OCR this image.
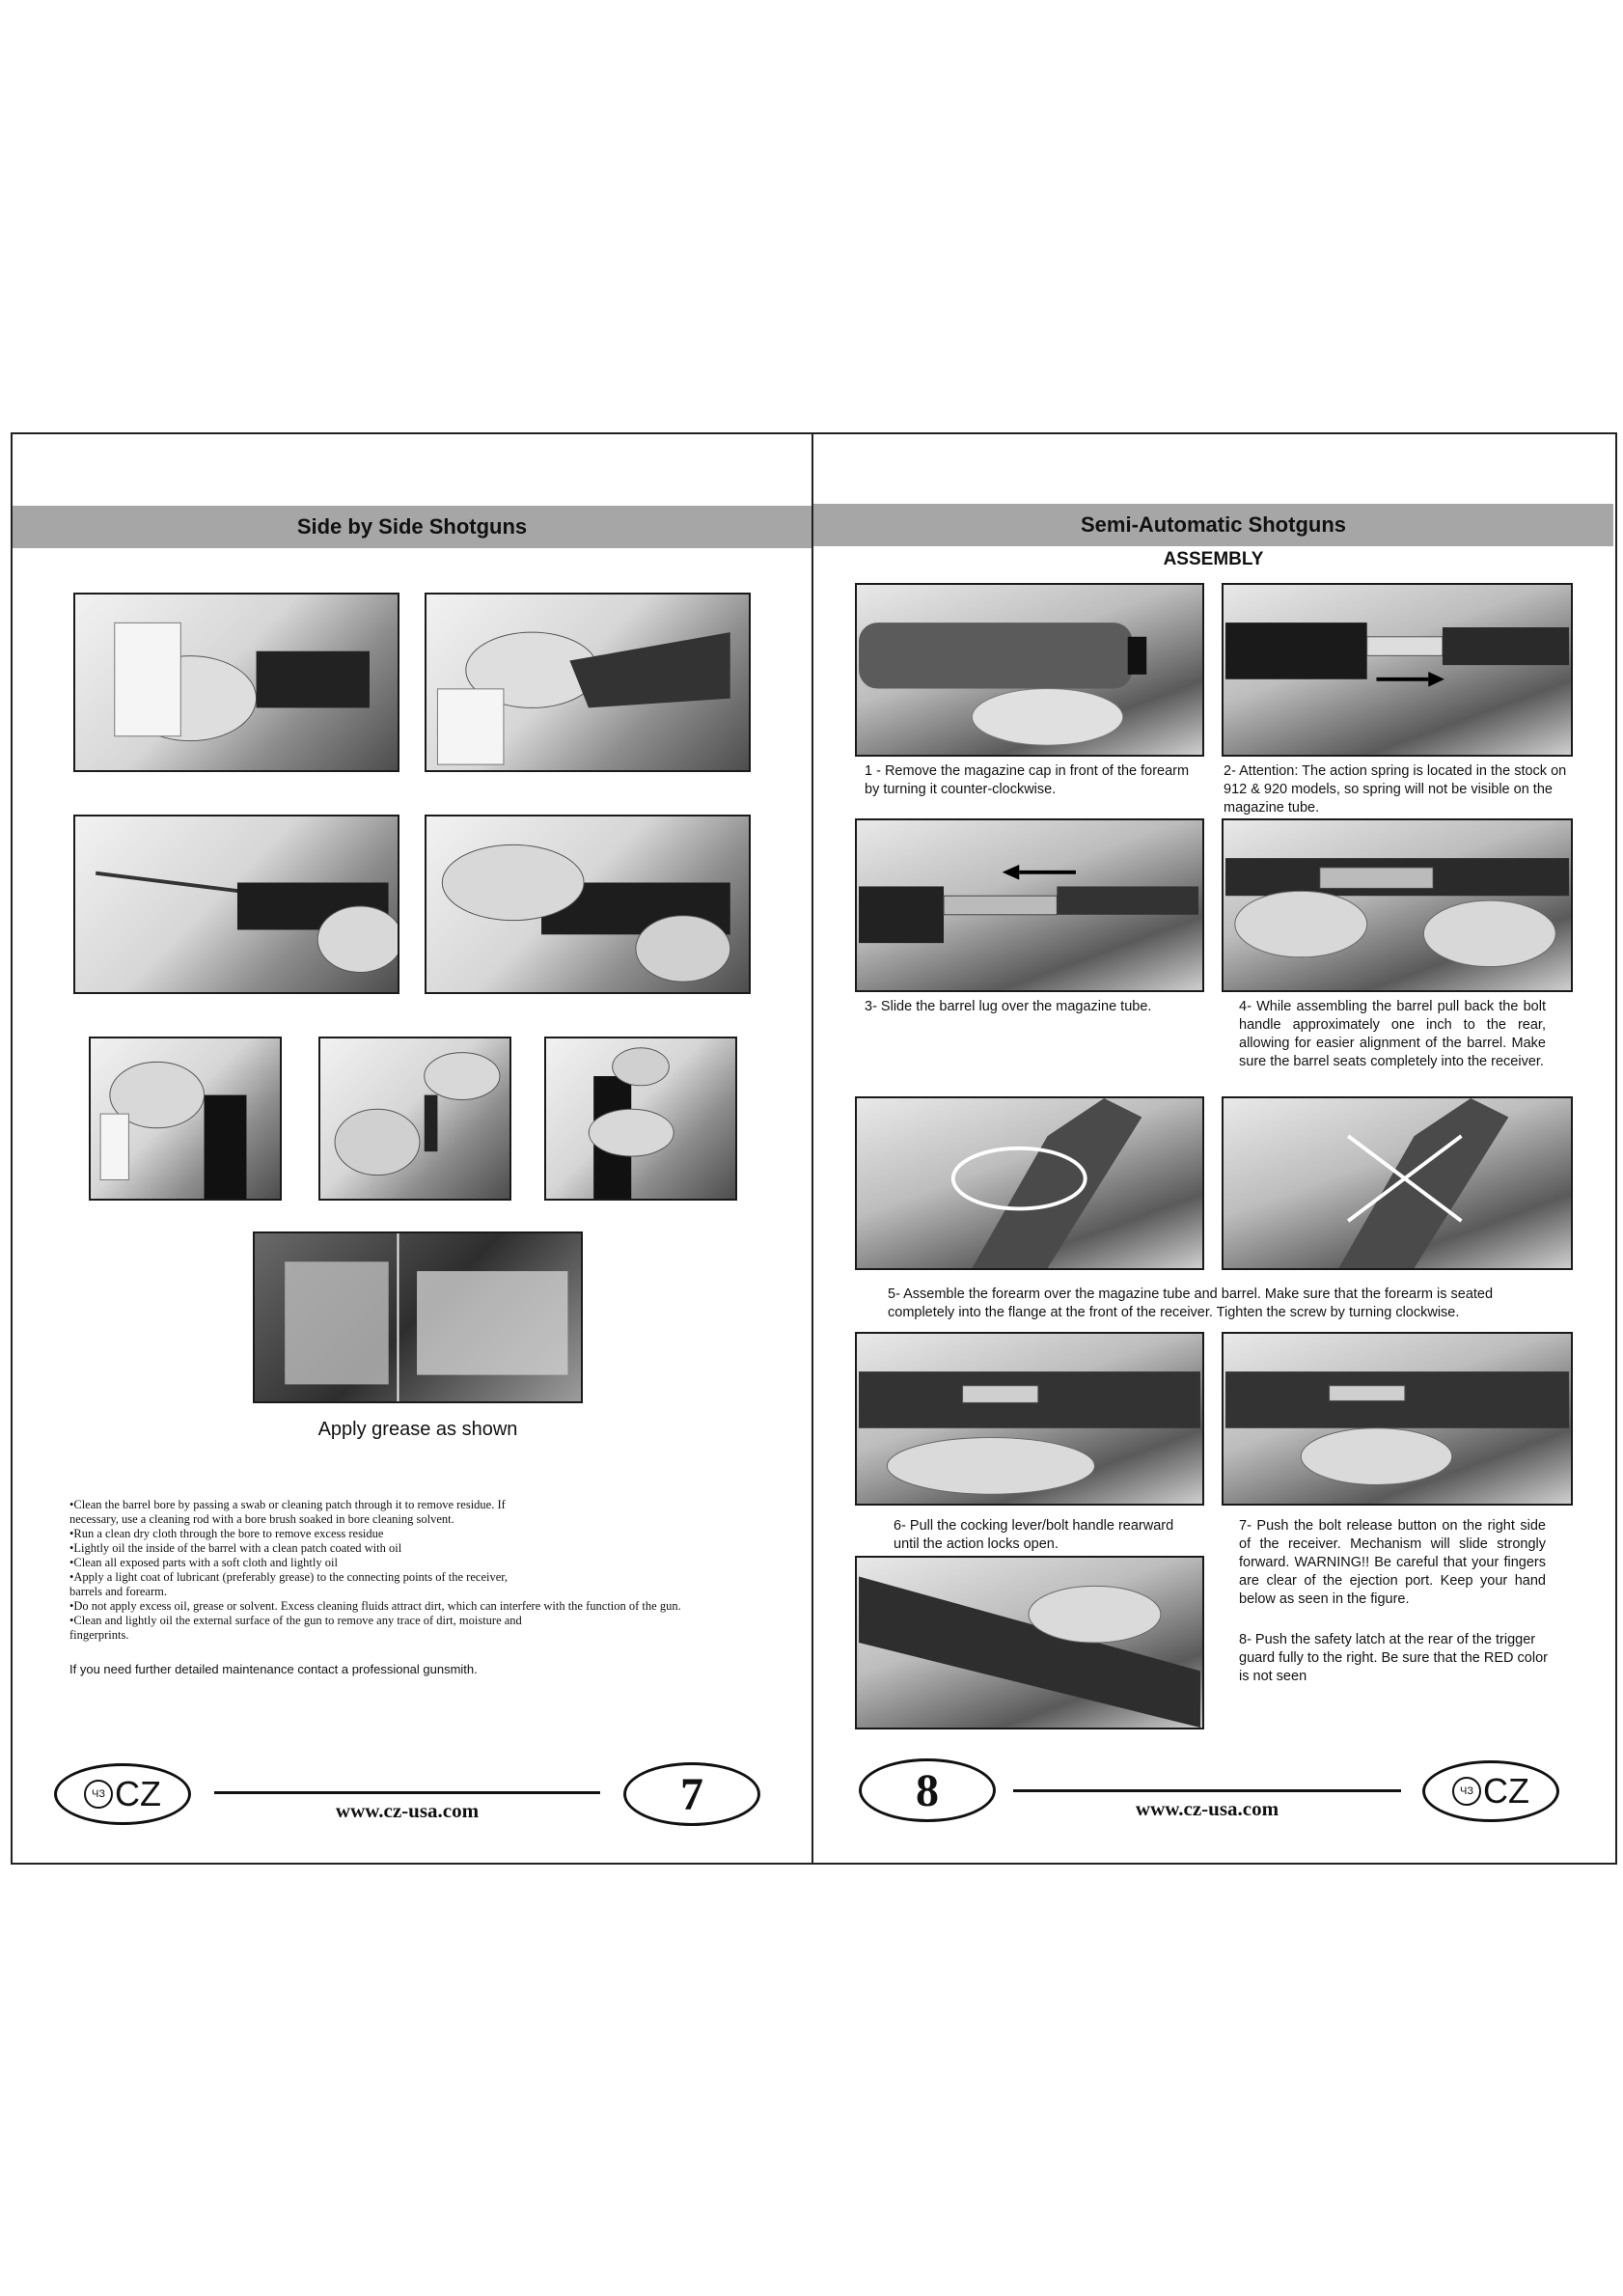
Side by Side Shotguns
Apply grease as shown

•Clean the barrel bore by passing a swab or cleaning patch through it to remove residue. If

necessary, use a cleaning rod with a bore brush soaked in bore cleaning solvent.

•Run a clean dry cloth through the bore to remove excess residue

•Lightly oil the inside of the barrel with a clean patch coated with oil

•Clean all exposed parts with a soft cloth and lightly oil

•Apply a light coat of lubricant (preferably grease) to the connecting points of the receiver,

barrels and forearm.

•Do not apply excess oil, grease or solvent. Excess cleaning fluids attract dirt, which can interfere with the function of the gun.

•Clean and lightly oil the external surface of the gun to remove any trace of dirt, moisture and

fingerprints.

If you need further detailed maintenance contact a professional gunsmith.
ЧЗ CZ	www.cz-usa.com	7
Semi-Automatic Shotguns
ASSEMBLY
1 - Remove the magazine cap in front of the forearm by turning it counter-clockwise.
2- Attention: The action spring is located in the stock on 912 & 920 models, so spring will not be visible on the magazine tube.
3- Slide the barrel lug over the magazine tube.	4- While assembling the barrel pull back the bolt handle approximately one inch to the rear, allowing for easier alignment of the barrel. Make sure the barrel seats completely into the receiver.
5- Assemble the forearm over the magazine tube and barrel. Make sure that the forearm is seated completely into the flange at the front of the receiver. Tighten the screw by turning clockwise.
6- Pull the cocking lever/bolt handle rearward until the action locks open.
7- Push the bolt release button on the right side of the receiver. Mechanism will slide strongly forward. WARNING!! Be careful that your fingers are clear of the ejection port. Keep your hand below as seen in the figure.
8- Push the safety latch at the rear of the trigger guard fully to the right. Be sure that the RED color is not seen
8	www.cz-usa.com
ЧЗ CZ
